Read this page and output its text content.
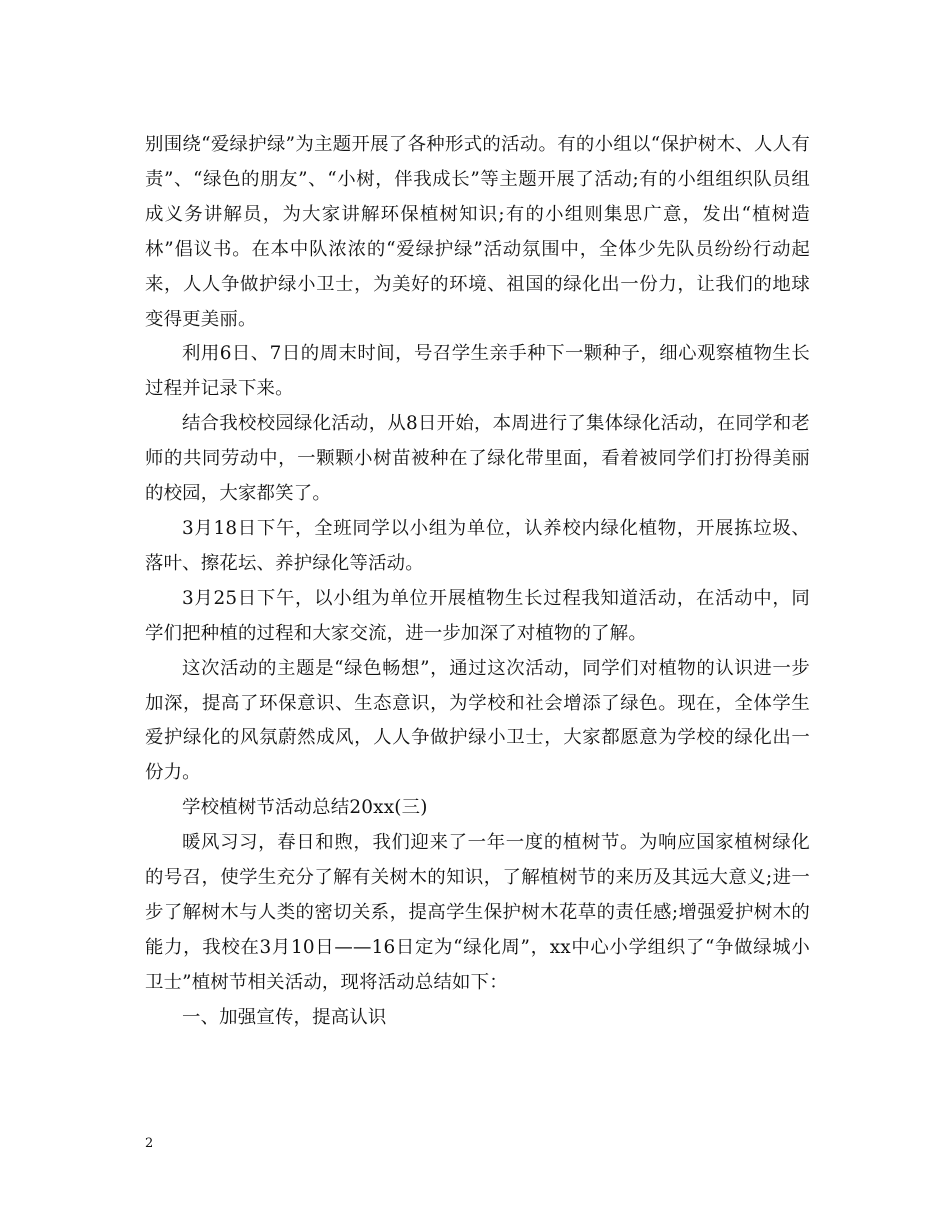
别围绕“爱绿护绿”为主题开展了各种形式的活动。有的小组以“保护树木、人人有责”、“绿色的朋友”、“小树，伴我成长”等主题开展了活动;有的小组组织队员组成义务讲解员，为大家讲解环保植树知识;有的小组则集思广意，发出“植树造林”倡议书。在本中队浓浓的“爱绿护绿”活动氛围中，全体少先队员纷纷行动起来，人人争做护绿小卫士，为美好的环境、祖国的绿化出一份力，让我们的地球变得更美丽。

利用6日、7日的周末时间，号召学生亲手种下一颗种子，细心观察植物生长过程并记录下来。

结合我校校园绿化活动，从8日开始，本周进行了集体绿化活动，在同学和老师的共同劳动中，一颗颗小树苗被种在了绿化带里面，看着被同学们打扮得美丽的校园，大家都笑了。

3月18日下午，全班同学以小组为单位，认养校内绿化植物，开展拣垃圾、落叶、擦花坛、养护绿化等活动。

3月25日下午，以小组为单位开展植物生长过程我知道活动，在活动中，同学们把种植的过程和大家交流，进一步加深了对植物的了解。

这次活动的主题是“绿色畅想”，通过这次活动，同学们对植物的认识进一步加深，提高了环保意识、生态意识，为学校和社会增添了绿色。现在，全体学生爱护绿化的风氛蔚然成风，人人争做护绿小卫士，大家都愿意为学校的绿化出一份力。

学校植树节活动总结20xx(三)

暖风习习，春日和煦，我们迎来了一年一度的植树节。为响应国家植树绿化的号召，使学生充分了解有关树木的知识，了解植树节的来历及其远大意义;进一步了解树木与人类的密切关系，提高学生保护树木花草的责任感;增强爱护树木的能力，我校在3月10日——16日定为“绿化周”，xx中心小学组织了“争做绿城小卫士”植树节相关活动，现将活动总结如下：

一、加强宣传，提高认识

2
